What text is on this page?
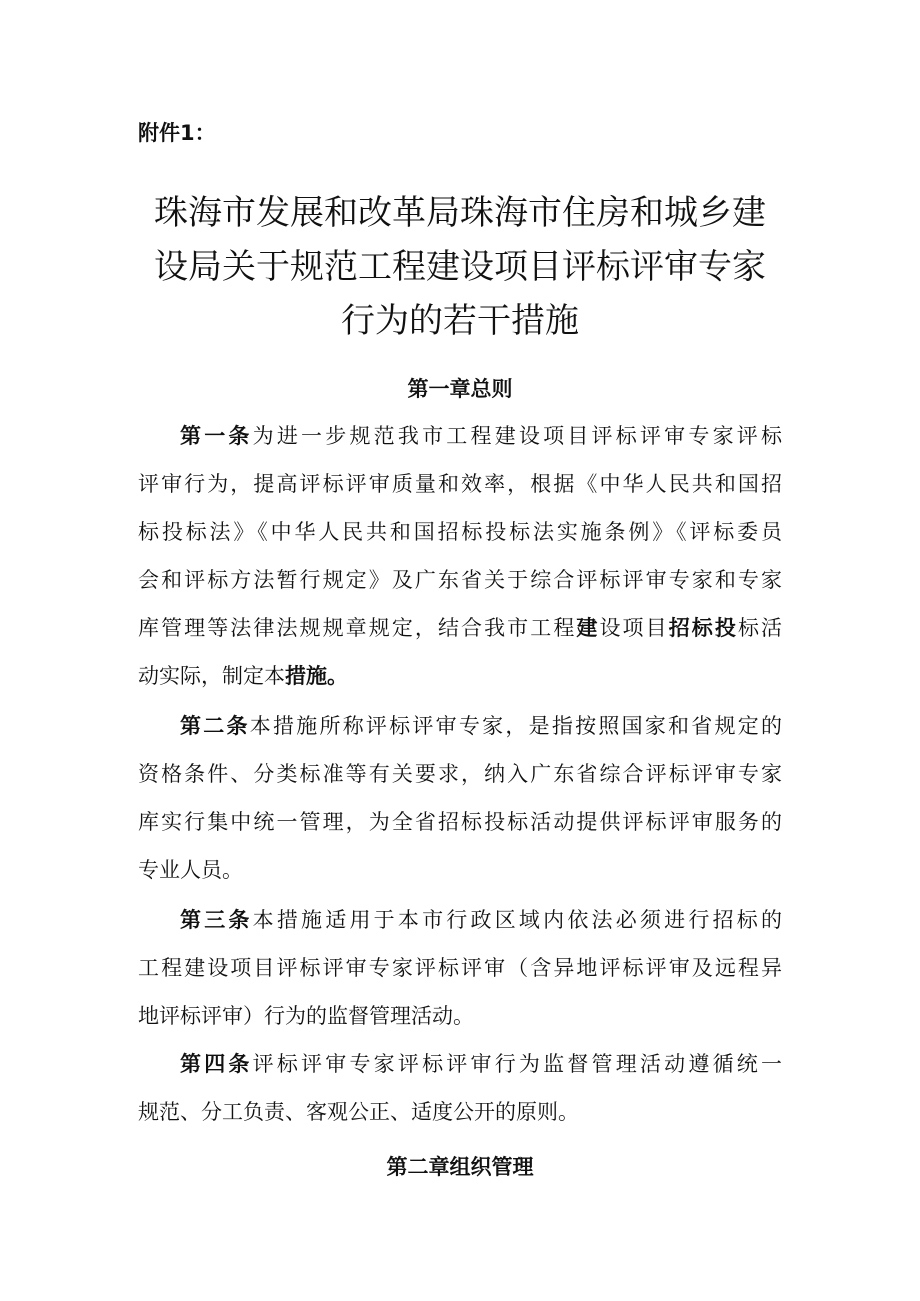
附件1：
珠海市发展和改革局珠海市住房和城乡建
设局关于规范工程建设项目评标评审专家
行为的若干措施
第一章总则
第一条为进一步规范我市工程建设项目评标评审专家评标
评审行为，提高评标评审质量和效率，根据《中华人民共和国招
标投标法》《中华人民共和国招标投标法实施条例》《评标委员
会和评标方法暂行规定》及广东省关于综合评标评审专家和专家
库管理等法律法规规章规定，结合我市工程建设项目招标投标活
动实际，制定本措施。
第二条本措施所称评标评审专家，是指按照国家和省规定的
资格条件、分类标准等有关要求，纳入广东省综合评标评审专家
库实行集中统一管理，为全省招标投标活动提供评标评审服务的
专业人员。
第三条本措施适用于本市行政区域内依法必须进行招标的
工程建设项目评标评审专家评标评审（含异地评标评审及远程异
地评标评审）行为的监督管理活动。
第四条评标评审专家评标评审行为监督管理活动遵循统一
规范、分工负责、客观公正、适度公开的原则。
第二章组织管理
